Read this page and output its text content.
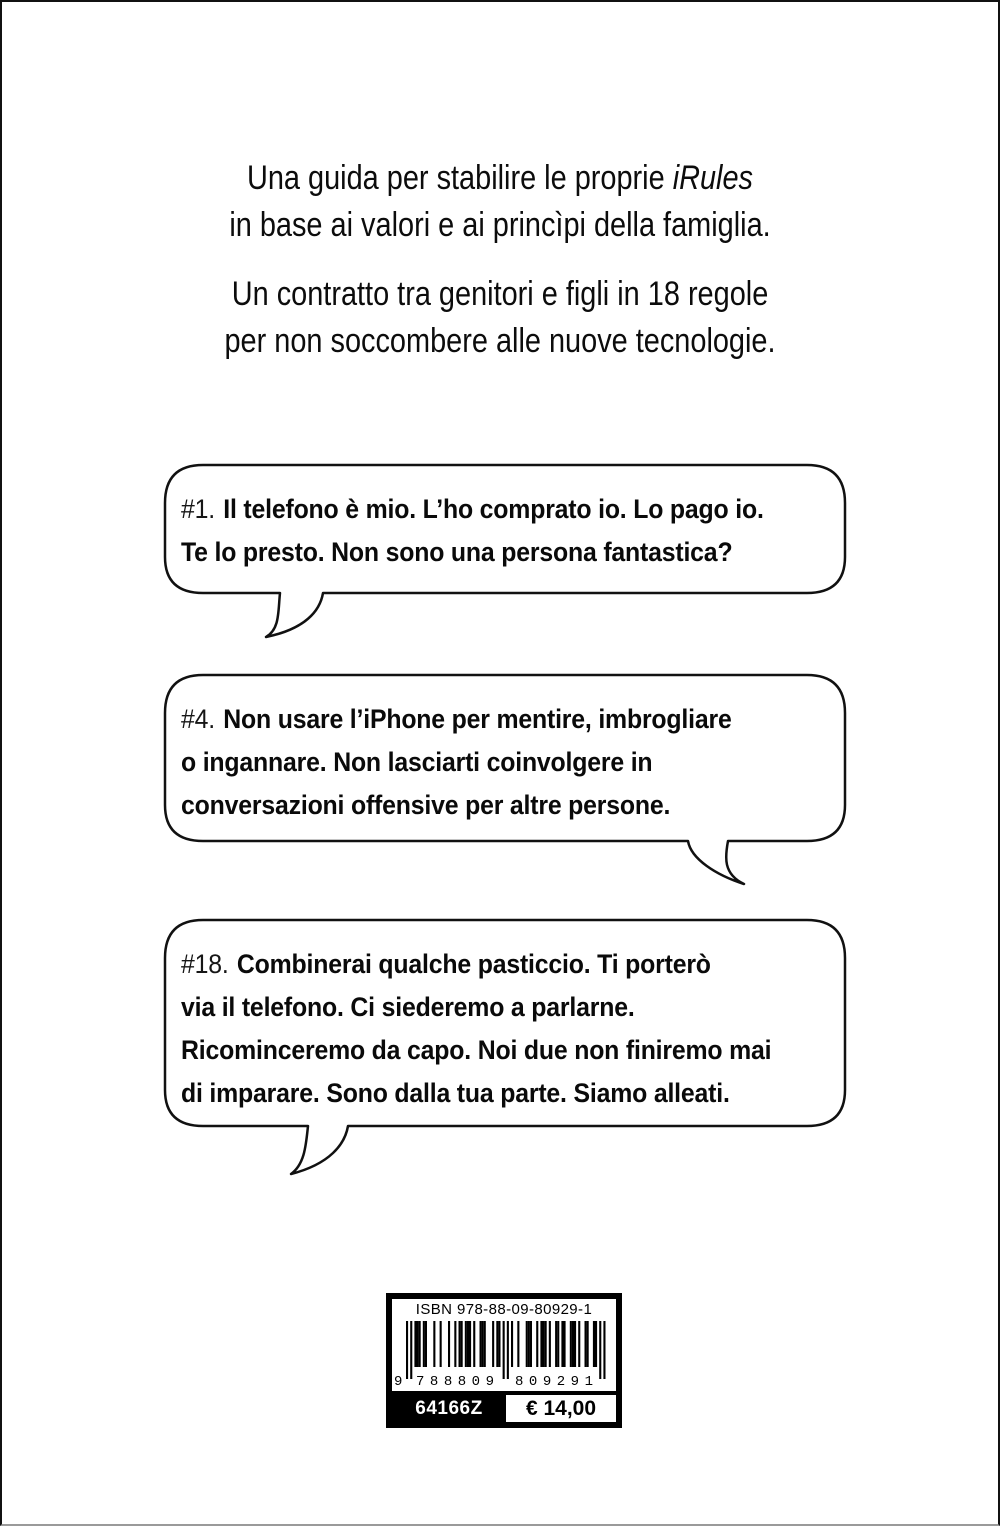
Una guida per stabilire le proprie iRules
in base ai valori e ai princìpi della famiglia.
Un contratto tra genitori e figli in 18 regole
per non soccombere alle nuove tecnologie.
#1. Il telefono è mio. L’ho comprato io. Lo pago io.
Te lo presto. Non sono una persona fantastica?
#4. Non usare l’iPhone per mentire, imbrogliare
o ingannare. Non lasciarti coinvolgere in
conversazioni offensive per altre persone.
#18. Combinerai qualche pasticcio. Ti porterò
via il telefono. Ci siederemo a parlarne.
Ricominceremo da capo. Noi due non finiremo mai
di imparare. Sono dalla tua parte. Siamo alleati.
ISBN 978-88-09-80929-1
9 788809 809291
64166Z	€ 14,00
